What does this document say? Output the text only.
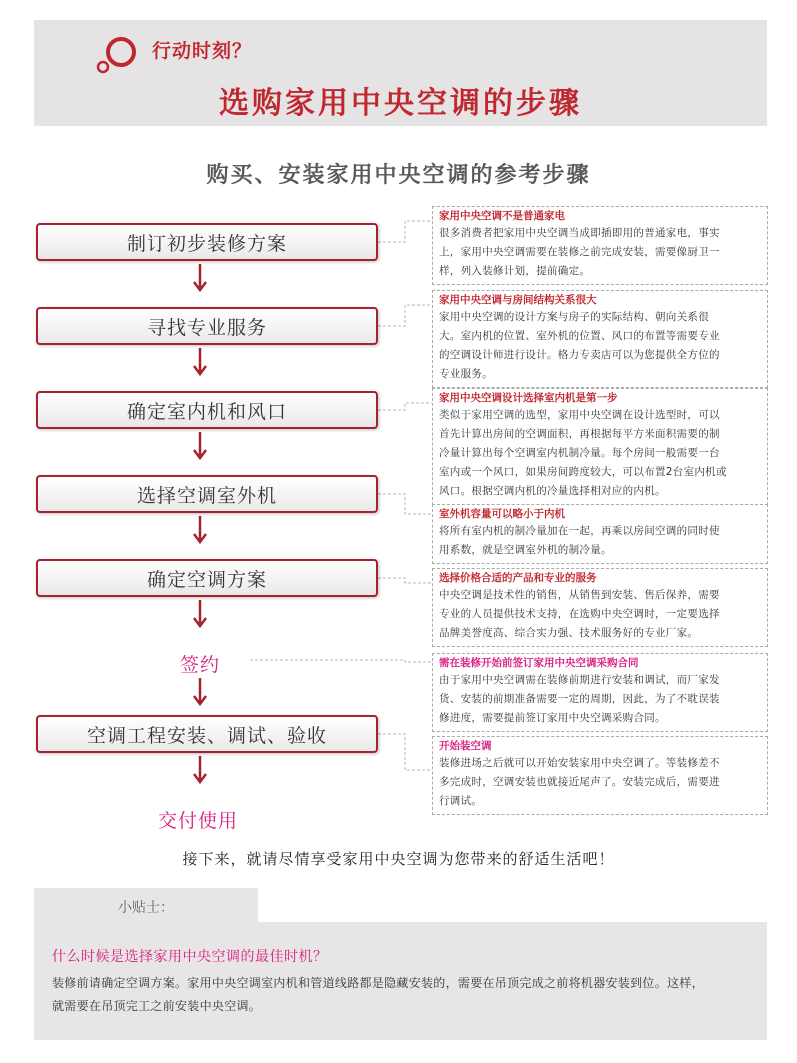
行动时刻？
选购家用中央空调的步骤
购买、安装家用中央空调的参考步骤
制订初步装修方案
寻找专业服务
确定室内机和风口
选择空调室外机
确定空调方案
签约
空调工程安装、调试、验收
交付使用
家用中央空调不是普通家电
很多消费者把家用中央空调当成即插即用的普通家电，事实
上，家用中央空调需要在装修之前完成安装，需要像厨卫一
样，列入装修计划，提前确定。
家用中央空调与房间结构关系很大
家用中央空调的设计方案与房子的实际结构、朝向关系很
大。室内机的位置、室外机的位置、风口的布置等需要专业
的空调设计师进行设计。格力专卖店可以为您提供全方位的
专业服务。
家用中央空调设计选择室内机是第一步
类似于家用空调的选型，家用中央空调在设计选型时，可以
首先计算出房间的空调面积，再根据每平方米面积需要的制
冷量计算出每个空调室内机制冷量。每个房间一般需要一台
室内或一个风口，如果房间跨度较大，可以布置2台室内机或
风口。根据空调内机的冷量选择相对应的内机。
室外机容量可以略小于内机
将所有室内机的制冷量加在一起，再乘以房间空调的同时使
用系数，就是空调室外机的制冷量。
选择价格合适的产品和专业的服务
中央空调是技术性的销售，从销售到安装、售后保养，需要
专业的人员提供技术支持，在选购中央空调时，一定要选择
品牌美誉度高、综合实力强、技术服务好的专业厂家。
需在装修开始前签订家用中央空调采购合同
由于家用中央空调需在装修前期进行安装和调试，而厂家发
货、安装的前期准备需要一定的周期，因此，为了不耽误装
修进度，需要提前签订家用中央空调采购合同。
开始装空调
装修进场之后就可以开始安装家用中央空调了。等装修差不
多完成时，空调安装也就接近尾声了。安装完成后，需要进
行调试。
接下来，就请尽情享受家用中央空调为您带来的舒适生活吧！
小贴士：
什么时候是选择家用中央空调的最佳时机？
装修前请确定空调方案。家用中央空调室内机和管道线路都是隐藏安装的，需要在吊顶完成之前将机器安装到位。这样，
就需要在吊顶完工之前安装中央空调。
